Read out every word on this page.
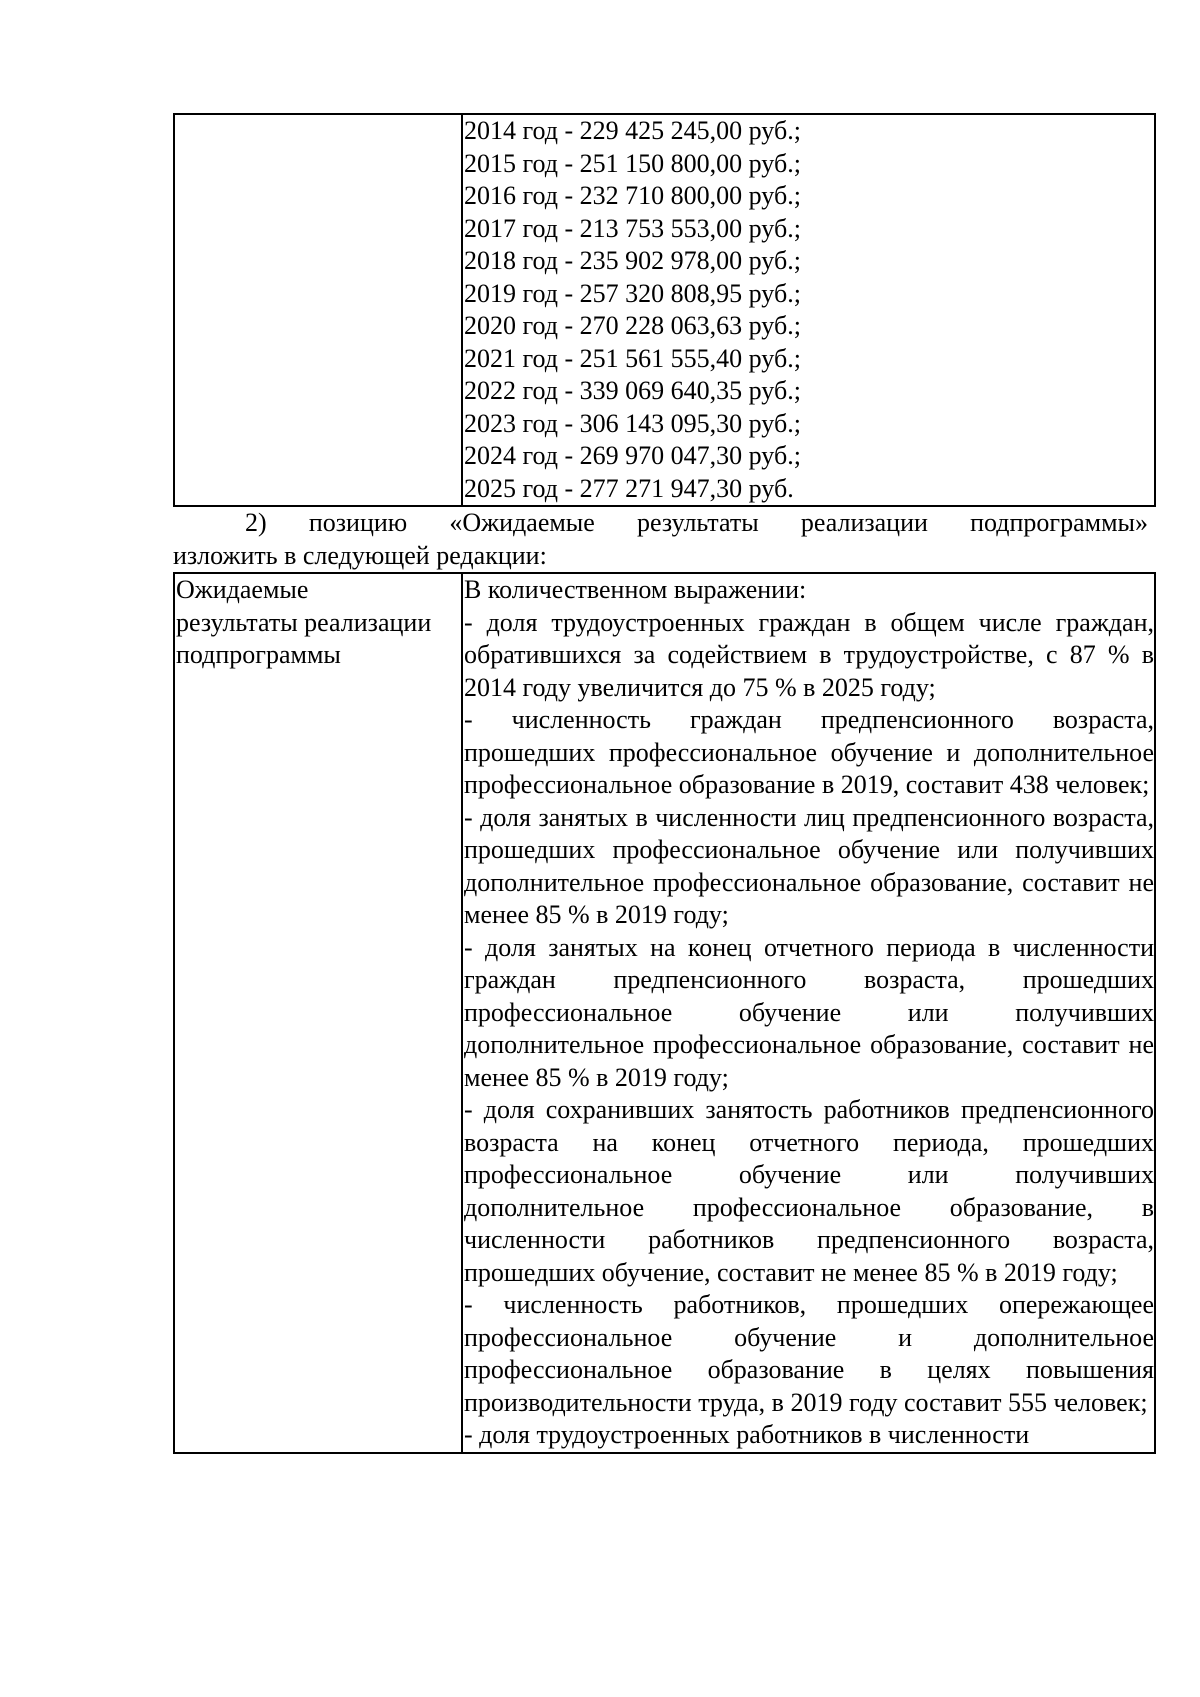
2014 год - 229 425 245,00 руб.;
2015 год - 251 150 800,00 руб.;
2016 год - 232 710 800,00 руб.;
2017 год - 213 753 553,00 руб.;
2018 год - 235 902 978,00 руб.;
2019 год - 257 320 808,95 руб.;
2020 год - 270 228 063,63 руб.;
2021 год - 251 561 555,40 руб.;
2022 год - 339 069 640,35 руб.;
2023 год - 306 143 095,30 руб.;
2024 год - 269 970 047,30 руб.;
2025 год - 277 271 947,30 руб.

2) позицию «Ожидаемые результаты реализации подпрограммы»

изложить в следующей редакции:

Ожидаемые
результаты реализации
подпрограммы

В количественном выражении:
- доля трудоустроенных граждан в общем числе граждан, обратившихся за содействием в трудоустройстве, с 87 % в 2014 году увеличится до 75 % в 2025 году;
- численность граждан предпенсионного возраста, прошедших профессиональное обучение и дополнительное профессиональное образование в 2019, составит 438 человек;
- доля занятых в численности лиц предпенсионного возраста, прошедших профессиональное обучение или получивших дополнительное профессиональное образование, составит не менее 85 % в 2019 году;
- доля занятых на конец отчетного периода в численности граждан предпенсионного возраста, прошедших профессиональное обучение или получивших дополнительное профессиональное образование, составит не менее 85 % в 2019 году;
- доля сохранивших занятость работников предпенсионного возраста на конец отчетного периода, прошедших профессиональное обучение или получивших дополнительное профессиональное образование, в численности работников предпенсионного возраста, прошедших обучение, составит не менее 85 % в 2019 году;
- численность работников, прошедших опережающее профессиональное обучение и дополнительное профессиональное образование в целях повышения производительности труда, в 2019 году составит 555 человек;
- доля трудоустроенных работников в численности
